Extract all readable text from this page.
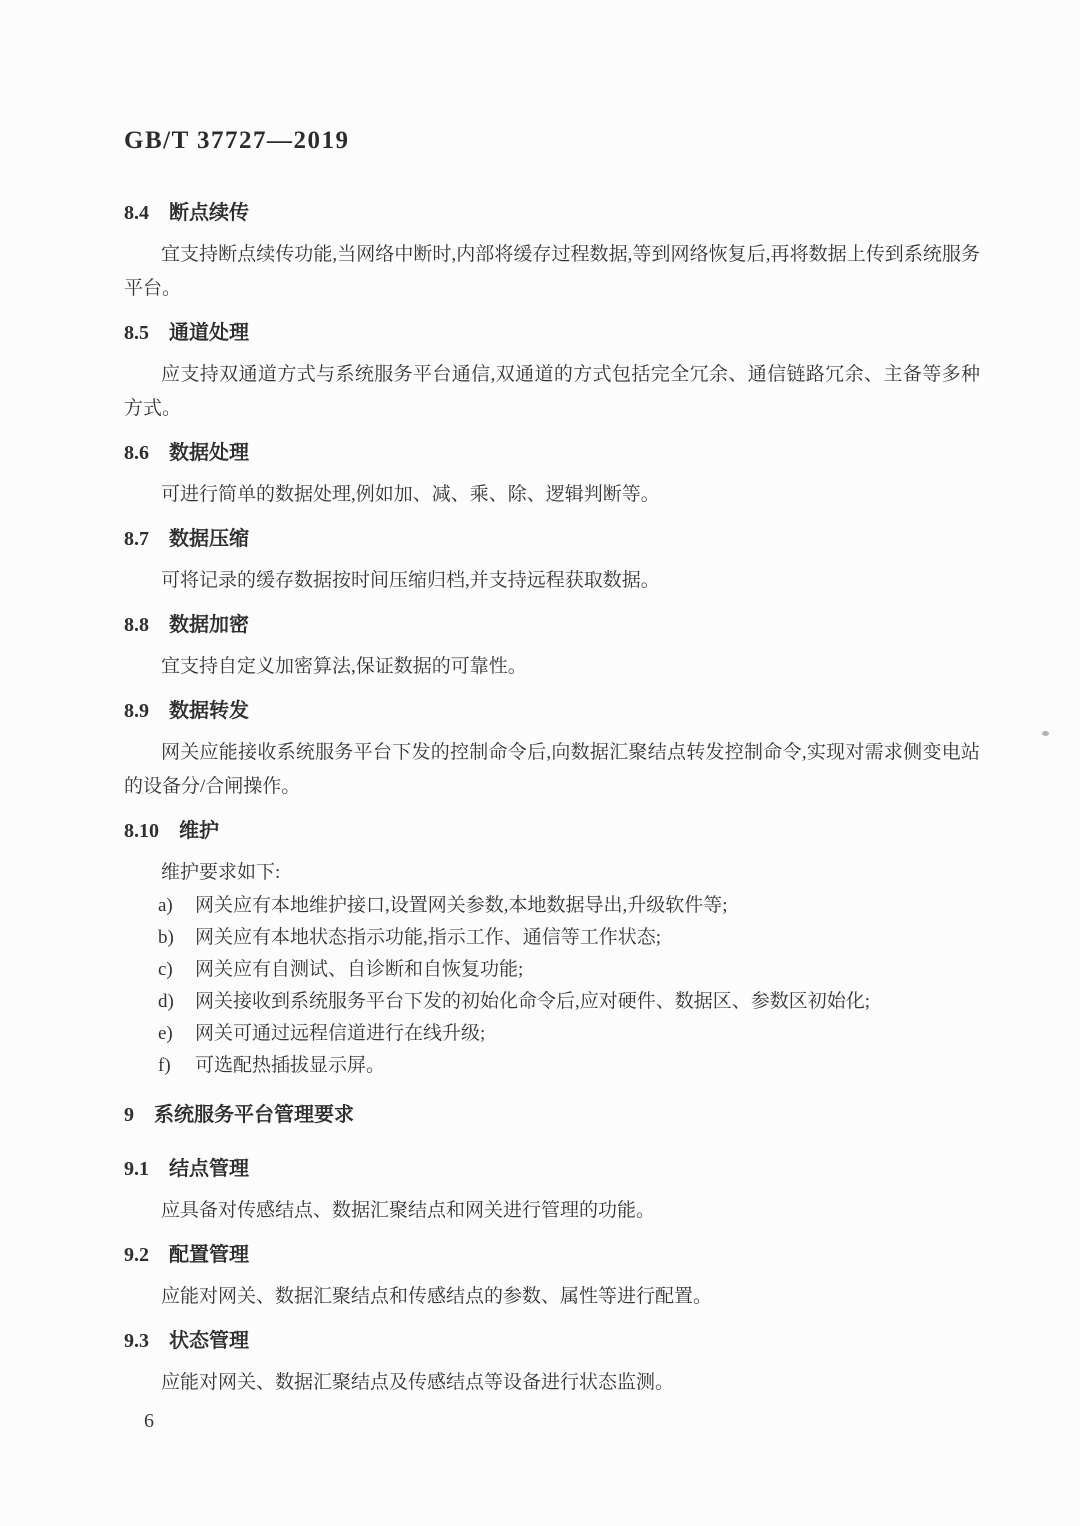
GB/T 37727—2019
8.4 断点续传

宜支持断点续传功能,当网络中断时,内部将缓存过程数据,等到网络恢复后,再将数据上传到系统服务平台。

8.5 通道处理

应支持双通道方式与系统服务平台通信,双通道的方式包括完全冗余、通信链路冗余、主备等多种方式。

8.6 数据处理

可进行简单的数据处理,例如加、减、乘、除、逻辑判断等。

8.7 数据压缩

可将记录的缓存数据按时间压缩归档,并支持远程获取数据。

8.8 数据加密

宜支持自定义加密算法,保证数据的可靠性。

8.9 数据转发

网关应能接收系统服务平台下发的控制命令后,向数据汇聚结点转发控制命令,实现对需求侧变电站的设备分/合闸操作。

8.10 维护

维护要求如下:

a) 网关应有本地维护接口,设置网关参数,本地数据导出,升级软件等;
b) 网关应有本地状态指示功能,指示工作、通信等工作状态;
c) 网关应有自测试、自诊断和自恢复功能;
d) 网关接收到系统服务平台下发的初始化命令后,应对硬件、数据区、参数区初始化;
e) 网关可通过远程信道进行在线升级;
f) 可选配热插拔显示屏。
9 系统服务平台管理要求
9.1 结点管理

应具备对传感结点、数据汇聚结点和网关进行管理的功能。

9.2 配置管理

应能对网关、数据汇聚结点和传感结点的参数、属性等进行配置。

9.3 状态管理

应能对网关、数据汇聚结点及传感结点等设备进行状态监测。

6
